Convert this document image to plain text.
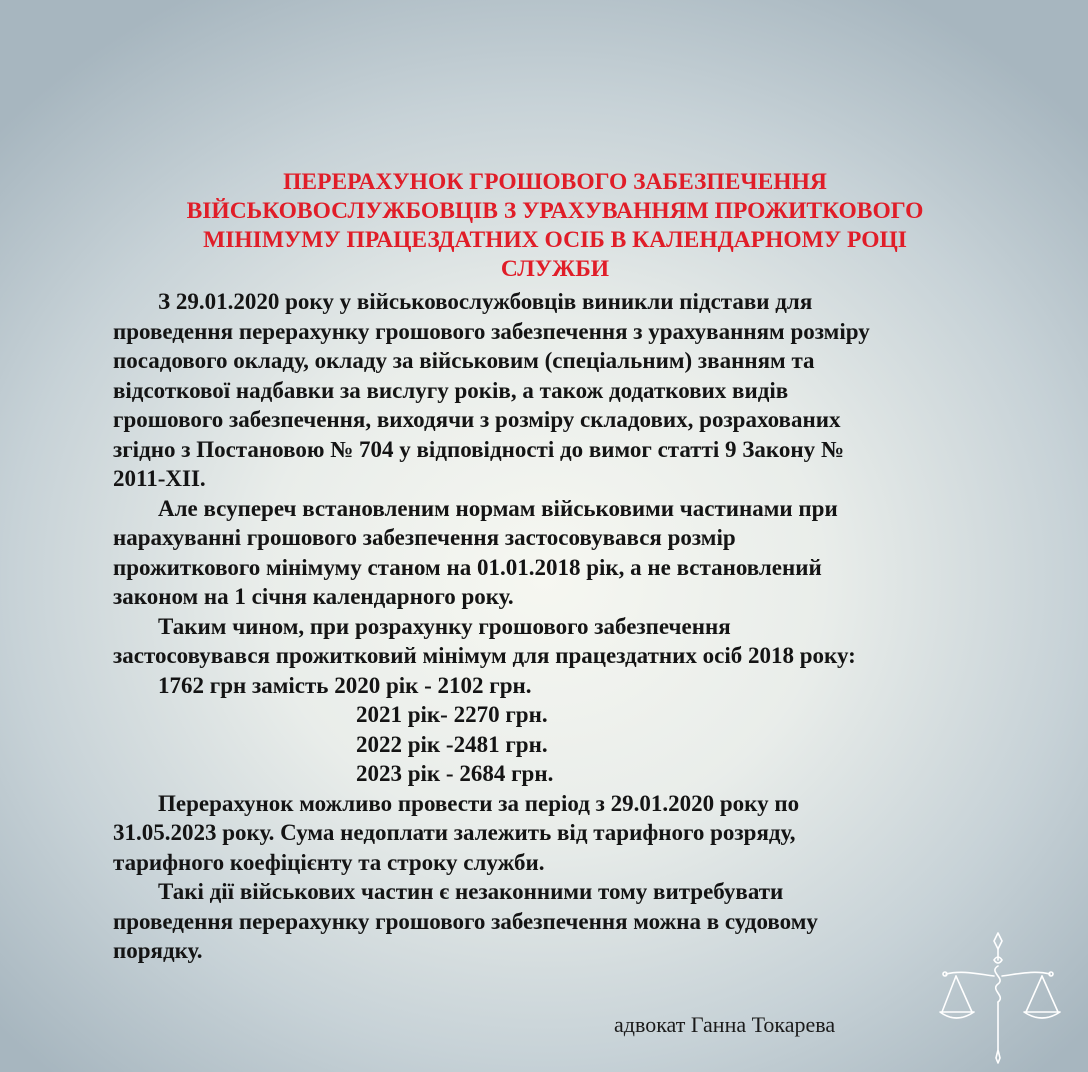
ПЕРЕРАХУНОК ГРОШОВОГО ЗАБЕЗПЕЧЕННЯ
ВІЙСЬКОВОСЛУЖБОВЦІВ З УРАХУВАННЯМ ПРОЖИТКОВОГО
МІНІМУМУ ПРАЦЕЗДАТНИХ ОСІБ В КАЛЕНДАРНОМУ РОЦІ
СЛУЖБИ
З 29.01.2020 року у військовослужбовців виникли підстави для
проведення перерахунку грошового забезпечення з урахуванням розміру
посадового окладу, окладу за військовим (спеціальним) званням та
відсоткової надбавки за вислугу років, а також додаткових видів
грошового забезпечення, виходячи з розміру складових, розрахованих
згідно з Постановою № 704 у відповідності до вимог статті 9 Закону №
2011-XII.
Але всупереч встановленим нормам військовими частинами при
нарахуванні грошового забезпечення застосовувався розмір
прожиткового мінімуму станом на 01.01.2018 рік, а не встановлений
законом на 1 січня календарного року.
Таким чином, при розрахунку грошового забезпечення
застосовувався прожитковий мінімум для працездатних осіб 2018 року:
1762 грн замість 2020 рік - 2102 грн.
2021 рік- 2270 грн.
2022 рік -2481 грн.
2023 рік - 2684 грн.
Перерахунок можливо провести за період з 29.01.2020 року по
31.05.2023 року. Сума недоплати залежить від тарифного розряду,
тарифного коефіцієнту та строку служби.
Такі дії військових частин є незаконними тому витребувати
проведення перерахунку грошового забезпечення можна в судовому
порядку.
адвокат Ганна Токарева
